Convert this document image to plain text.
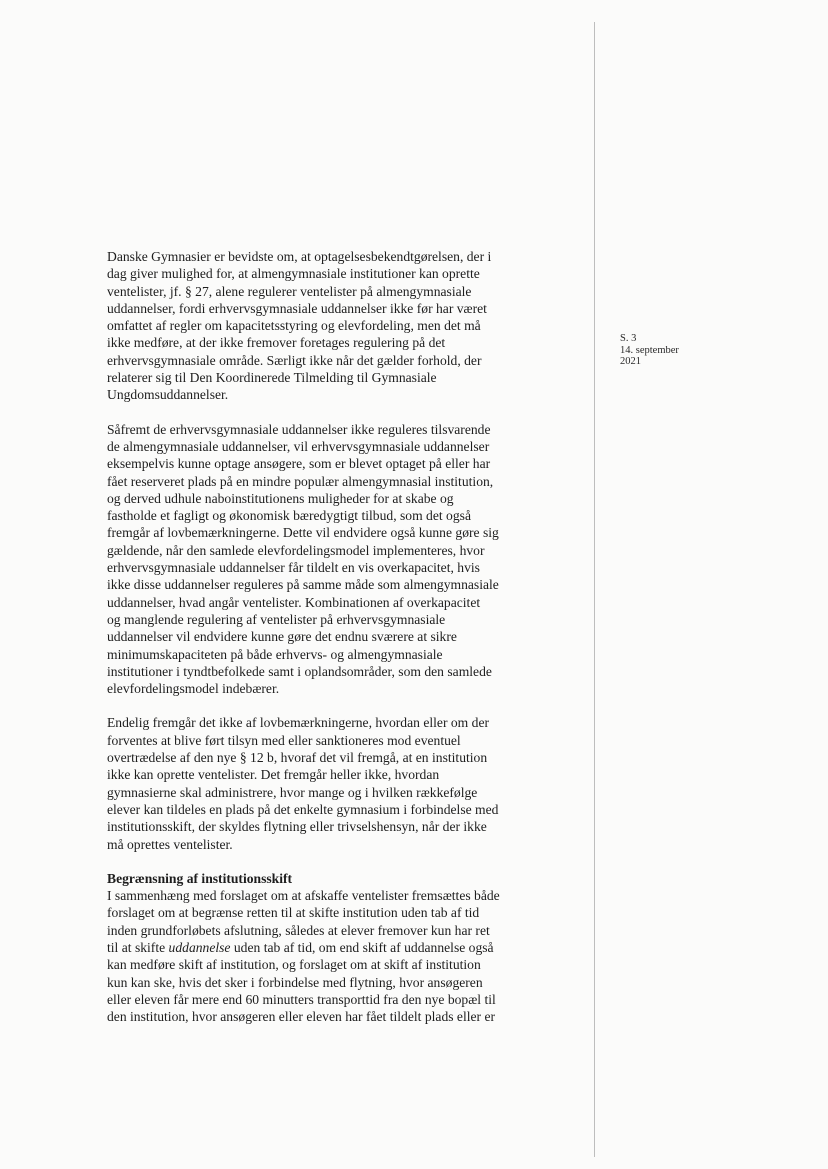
S. 3
14. september
2021

Danske Gymnasier er bevidste om, at optagelsesbekendtgørelsen, der i
dag giver mulighed for, at almengymnasiale institutioner kan oprette
ventelister, jf. § 27, alene regulerer ventelister på almengymnasiale
uddannelser, fordi erhvervsgymnasiale uddannelser ikke før har været
omfattet af regler om kapacitetsstyring og elevfordeling, men det må
ikke medføre, at der ikke fremover foretages regulering på det
erhvervsgymnasiale område. Særligt ikke når det gælder forhold, der
relaterer sig til Den Koordinerede Tilmelding til Gymnasiale
Ungdomsuddannelser.

Såfremt de erhvervsgymnasiale uddannelser ikke reguleres tilsvarende
de almengymnasiale uddannelser, vil erhvervsgymnasiale uddannelser
eksempelvis kunne optage ansøgere, som er blevet optaget på eller har
fået reserveret plads på en mindre populær almengymnasial institution,
og derved udhule naboinstitutionens muligheder for at skabe og
fastholde et fagligt og økonomisk bæredygtigt tilbud, som det også
fremgår af lovbemærkningerne. Dette vil endvidere også kunne gøre sig
gældende, når den samlede elevfordelingsmodel implementeres, hvor
erhvervsgymnasiale uddannelser får tildelt en vis overkapacitet, hvis
ikke disse uddannelser reguleres på samme måde som almengymnasiale
uddannelser, hvad angår ventelister. Kombinationen af overkapacitet
og manglende regulering af ventelister på erhvervsgymnasiale
uddannelser vil endvidere kunne gøre det endnu sværere at sikre
minimumskapaciteten på både erhvervs- og almengymnasiale
institutioner i tyndtbefolkede samt i oplandsområder, som den samlede
elevfordelingsmodel indebærer.

Endelig fremgår det ikke af lovbemærkningerne, hvordan eller om der
forventes at blive ført tilsyn med eller sanktioneres mod eventuel
overtrædelse af den nye § 12 b, hvoraf det vil fremgå, at en institution
ikke kan oprette ventelister. Det fremgår heller ikke, hvordan
gymnasierne skal administrere, hvor mange og i hvilken rækkefølge
elever kan tildeles en plads på det enkelte gymnasium i forbindelse med
institutionsskift, der skyldes flytning eller trivselshensyn, når der ikke
må oprettes ventelister.

Begrænsning af institutionsskift
I sammenhæng med forslaget om at afskaffe ventelister fremsættes både
forslaget om at begrænse retten til at skifte institution uden tab af tid
inden grundforløbets afslutning, således at elever fremover kun har ret
til at skifte uddannelse uden tab af tid, om end skift af uddannelse også
kan medføre skift af institution, og forslaget om at skift af institution
kun kan ske, hvis det sker i forbindelse med flytning, hvor ansøgeren
eller eleven får mere end 60 minutters transporttid fra den nye bopæl til
den institution, hvor ansøgeren eller eleven har fået tildelt plads eller er
